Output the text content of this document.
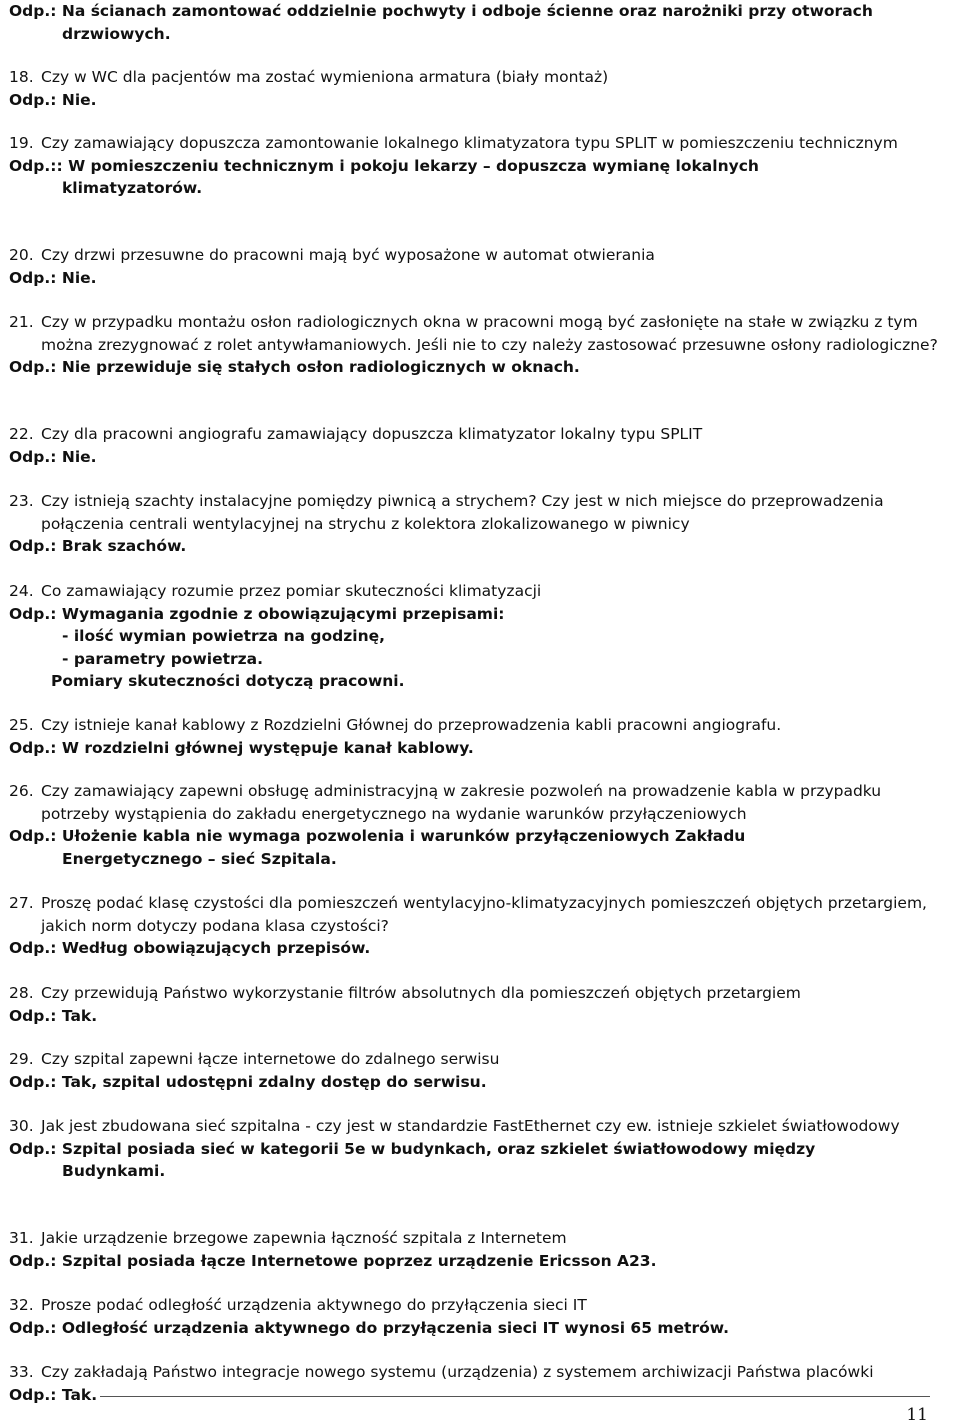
Odp.: Na ścianach zamontować oddzielnie pochwyty i odboje ścienne oraz narożniki przy otworach
drzwiowych.
18. Czy w WC dla pacjentów ma zostać wymieniona armatura (biały montaż)
Odp.: Nie.
19. Czy zamawiający dopuszcza zamontowanie lokalnego klimatyzatora typu SPLIT w pomieszczeniu technicznym
Odp.:: W pomieszczeniu technicznym i pokoju lekarzy – dopuszcza wymianę lokalnych
klimatyzatorów.
20. Czy drzwi przesuwne do pracowni mają być wyposażone w automat otwierania
Odp.: Nie.
21. Czy w przypadku montażu osłon radiologicznych okna w pracowni mogą być zasłonięte na stałe w związku z tym można zrezygnować z rolet antywłamaniowych. Jeśli nie to czy należy zastosować przesuwne osłony radiologiczne?
Odp.: Nie przewiduje się stałych osłon radiologicznych w oknach.
22. Czy dla pracowni angiografu zamawiający dopuszcza klimatyzator lokalny typu SPLIT
Odp.: Nie.
23. Czy istnieją szachty instalacyjne pomiędzy piwnicą a strychem? Czy jest w nich miejsce do przeprowadzenia połączenia centrali wentylacyjnej na strychu z kolektora zlokalizowanego w piwnicy
Odp.: Brak szachów.
24. Co zamawiający rozumie przez pomiar skuteczności klimatyzacji
Odp.: Wymagania zgodnie z obowiązującymi przepisami:
- ilość wymian powietrza na godzinę,
- parametry powietrza.
Pomiary skuteczności dotyczą pracowni.
25. Czy istnieje kanał kablowy z Rozdzielni Głównej do przeprowadzenia kabli pracowni angiografu.
Odp.: W rozdzielni głównej występuje kanał kablowy.
26. Czy zamawiający zapewni obsługę administracyjną w zakresie pozwoleń na prowadzenie kabla w przypadku potrzeby wystąpienia do zakładu energetycznego na wydanie warunków przyłączeniowych
Odp.: Ułożenie kabla nie wymaga pozwolenia i warunków przyłączeniowych Zakładu
Energetycznego – sieć Szpitala.
27. Proszę podać klasę czystości dla pomieszczeń wentylacyjno-klimatyzacyjnych pomieszczeń objętych przetargiem, jakich norm dotyczy podana klasa czystości?
Odp.: Według obowiązujących przepisów.
28. Czy przewidują Państwo wykorzystanie filtrów absolutnych dla pomieszczeń objętych przetargiem
Odp.: Tak.
29. Czy szpital zapewni łącze internetowe do zdalnego serwisu
Odp.: Tak, szpital udostępni zdalny dostęp do serwisu.
30. Jak jest zbudowana sieć szpitalna - czy jest w standardzie FastEthernet czy ew. istnieje szkielet światłowodowy
Odp.: Szpital posiada sieć w kategorii 5e w budynkach, oraz szkielet światłowodowy między
Budynkami.
31. Jakie urządzenie brzegowe zapewnia łączność szpitala z Internetem
Odp.: Szpital posiada łącze Internetowe poprzez urządzenie Ericsson A23.
32. Prosze podać odległość urządzenia aktywnego do przyłączenia sieci IT
Odp.: Odległość urządzenia aktywnego do przyłączenia sieci IT wynosi 65 metrów.
33. Czy zakładają Państwo integracje nowego systemu (urządzenia) z systemem archiwizacji Państwa placówki
Odp.: Tak.
11
